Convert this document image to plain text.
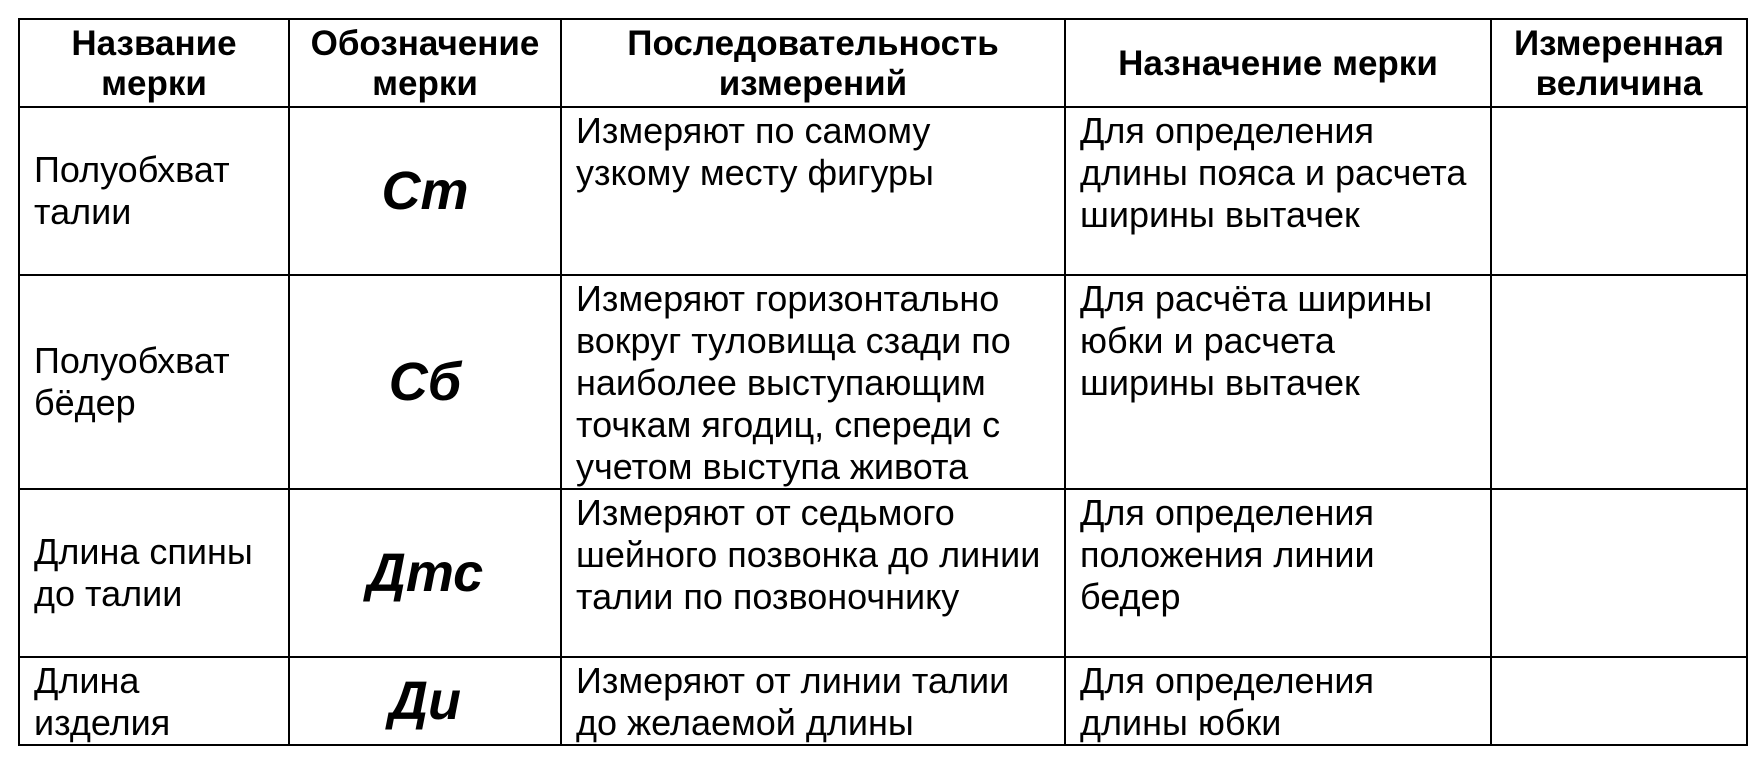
Название мерки	Обозначение мерки	Последовательность измерений	Назначение мерки	Измеренная величина
Полуобхват талии	Cт	Измеряют по самому узкому месту фигуры	Для определения длины пояса и расчета ширины вытачек	
Полуобхват бёдер	Сб	Измеряют горизонтально вокруг туловища сзади по наиболее выступающим точкам ягодиц, спереди с учетом выступа живота	Для расчёта ширины юбки и расчета ширины вытачек	
Длина спины до талии	Дтс	Измеряют от седьмого шейного позвонка до линии талии по позвоночнику	Для определения положения линии бедер	
Длина изделия	Ди	Измеряют от линии талии до желаемой длины	Для определения длины юбки	
